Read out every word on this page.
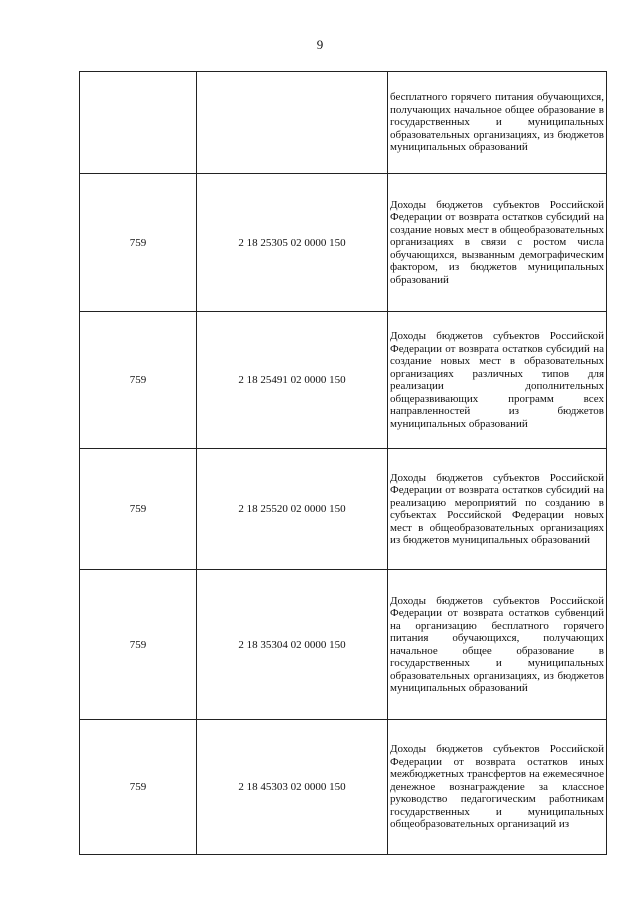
9
		бесплатного горячего питания обучающихся, получающих начальное общее образование в государственных и муниципальных образовательных организациях, из бюджетов муниципальных образований
759	2 18 25305 02 0000 150	Доходы бюджетов субъектов Российской Федерации от возврата остатков субсидий на создание новых мест в общеобразовательных организациях в связи с ростом числа обучающихся, вызванным демографическим фактором, из бюджетов муниципальных образований
759	2 18 25491 02 0000 150	Доходы бюджетов субъектов Российской Федерации от возврата остатков субсидий на создание новых мест в образовательных организациях различных типов для реализации дополнительных общеразвивающих программ всех направленностей из бюджетов муниципальных образований
759	2 18 25520 02 0000 150	Доходы бюджетов субъектов Российской Федерации от возврата остатков субсидий на реализацию мероприятий по созданию в субъектах Российской Федерации новых мест в общеобразовательных организациях из бюджетов муниципальных образований
759	2 18 35304 02 0000 150	Доходы бюджетов субъектов Российской Федерации от возврата остатков субвенций на организацию бесплатного горячего питания обучающихся, получающих начальное общее образование в государственных и муниципальных образовательных организациях, из бюджетов муниципальных образований
759	2 18 45303 02 0000 150	Доходы бюджетов субъектов Российской Федерации от возврата остатков иных межбюджетных трансфертов на ежемесячное денежное вознаграждение за классное руководство педагогическим работникам государственных и муниципальных общеобразовательных организаций из
